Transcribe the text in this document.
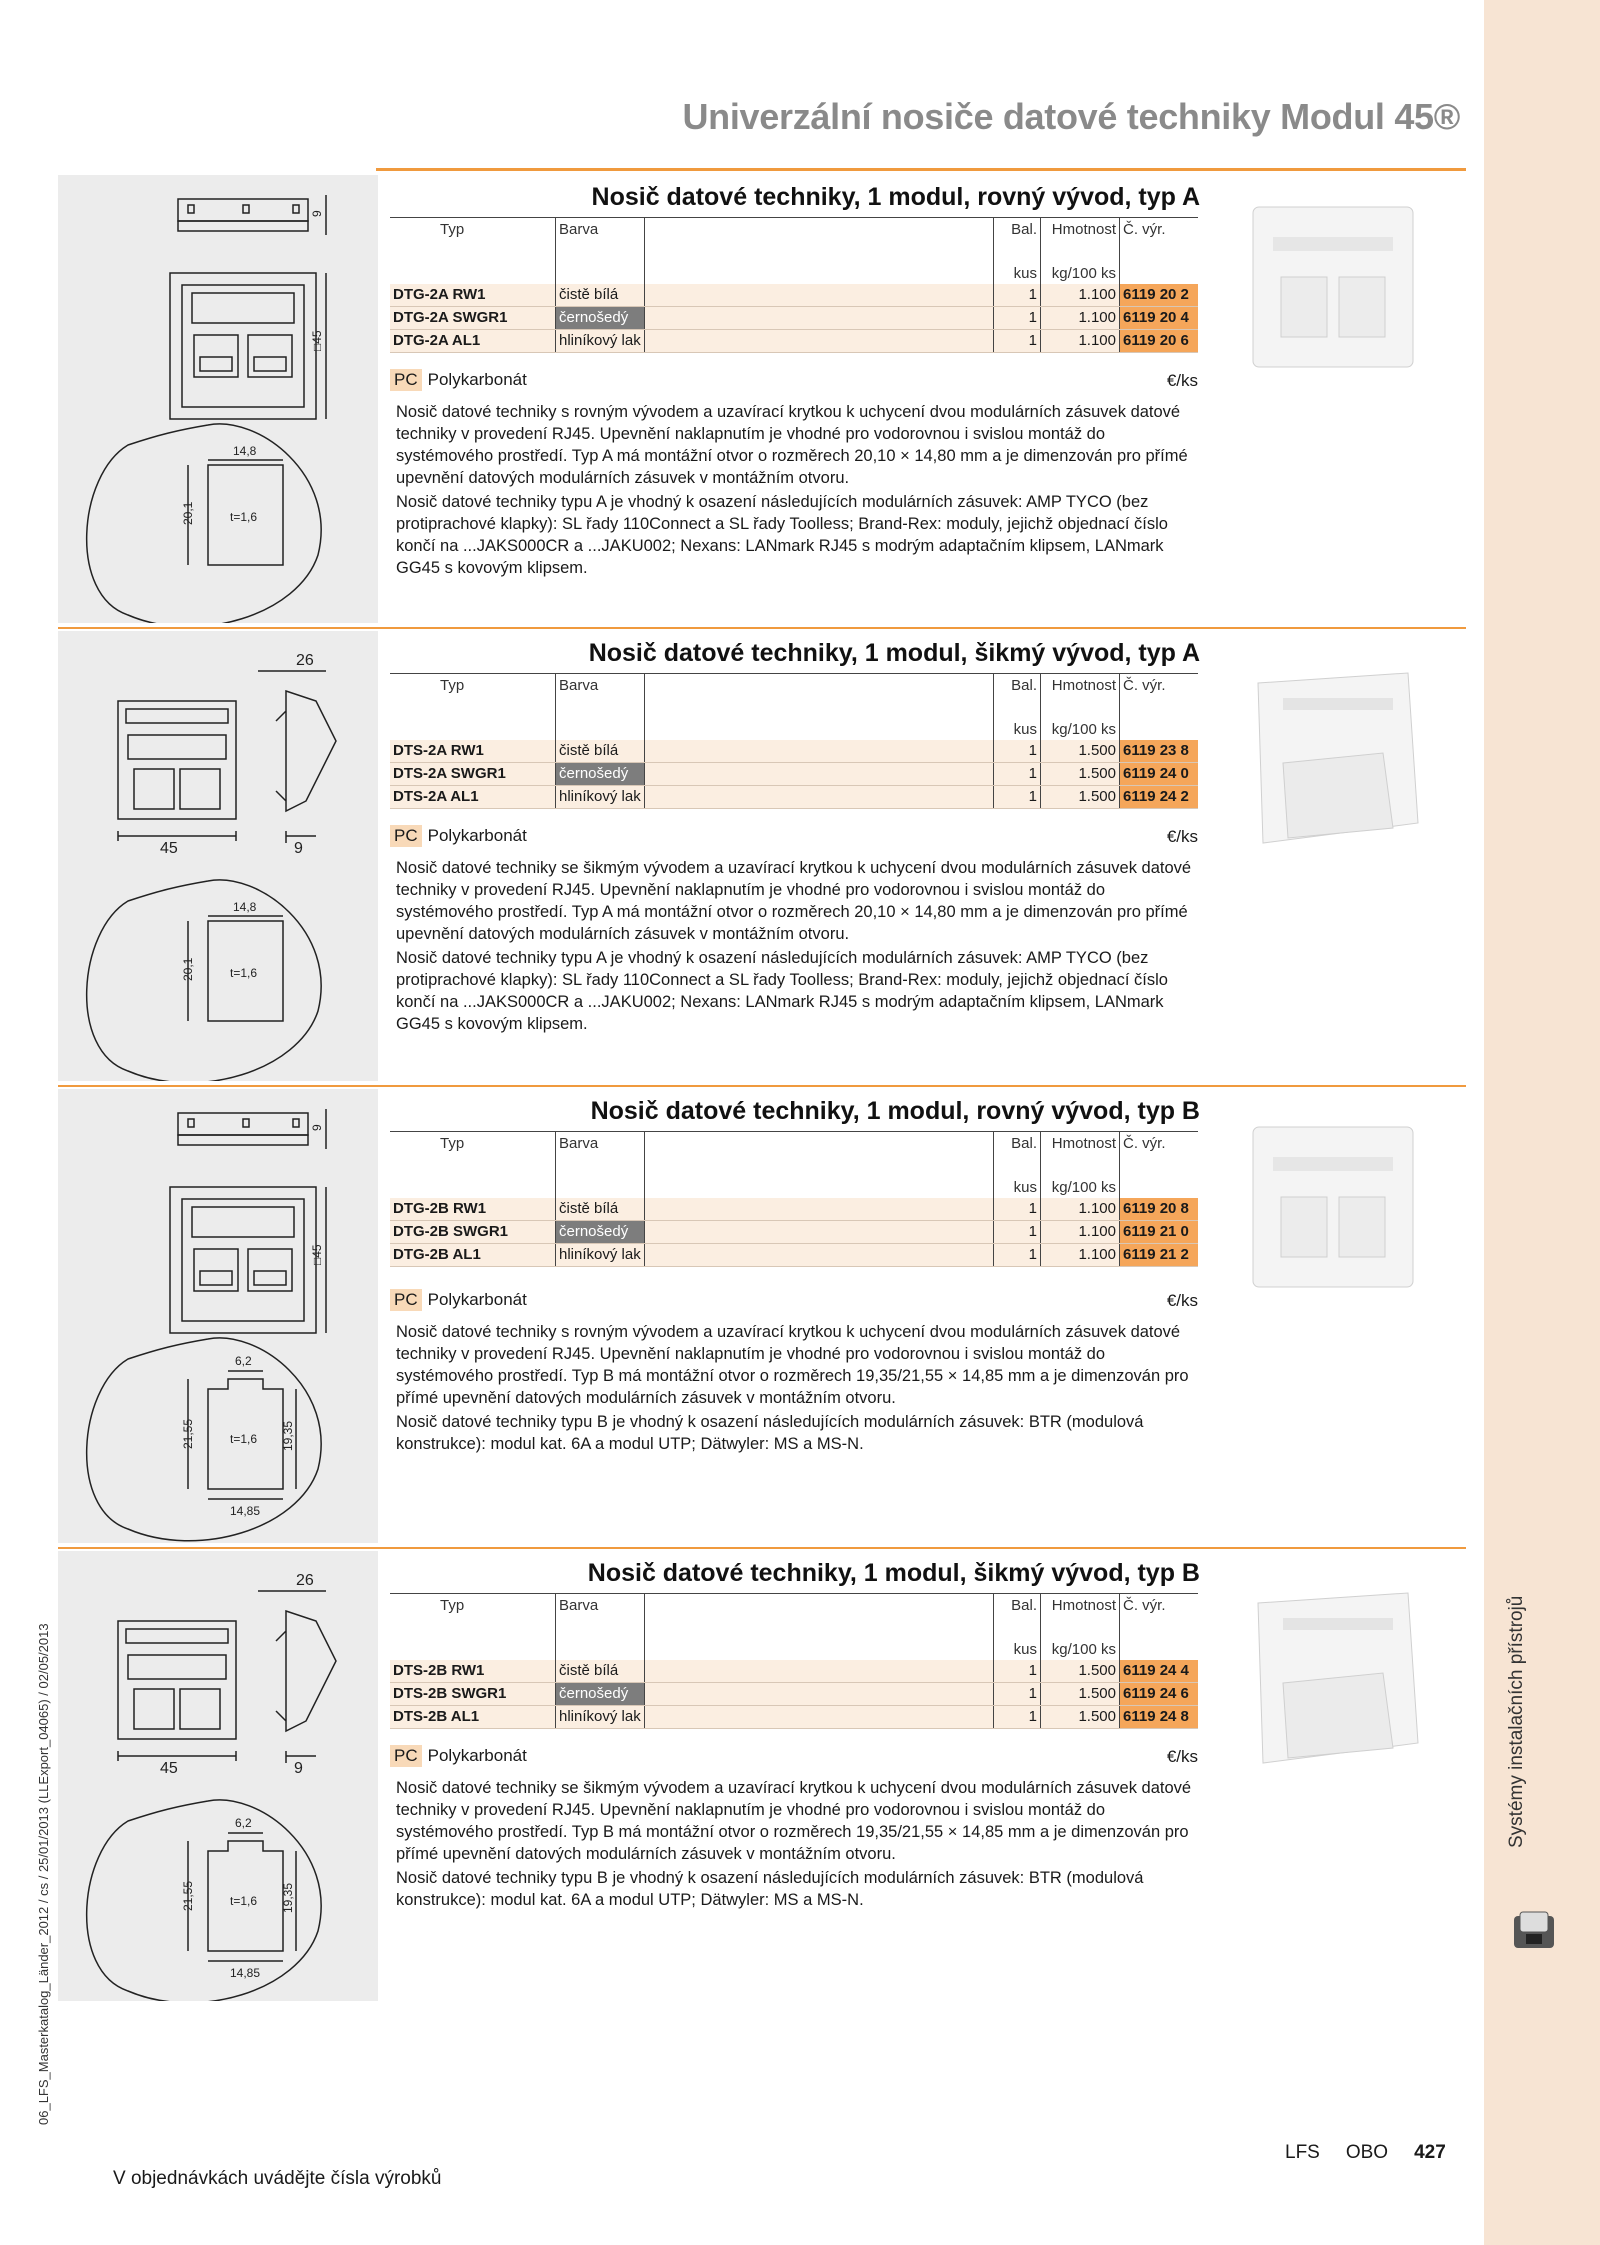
Systémy instalačních přístrojů
06_LFS_Masterkatalog_Länder_2012 / cs / 25/01/2013 (LLExport_04065) / 02/05/2013
Univerzální nosiče datové techniky Modul 45®
9
□45
14,8
20,1	t=1,6
Nosič datové techniky, 1 modul, rovný vývod, typ A
Typ	Barva		Bal.	Hmotnost	Č. výr.
			kus	kg/100 ks	
DTG-2A RW1	čistě bílá		1	1.100	6119 20 2
DTG-2A SWGR1	černošedý		1	1.100	6119 20 4
DTG-2A AL1	hliníkový lak		1	1.100	6119 20 6
PC Polykarbonát	€/ks

Nosič datové techniky s rovným vývodem a uzavírací krytkou k uchycení dvou modulárních zásuvek datové techniky v provedení RJ45. Upevnění naklapnutím je vhodné pro vodorovnou i svislou montáž do systémového prostředí. Typ A má montážní otvor o rozměrech 20,10 × 14,80 mm a je dimenzován pro přímé upevnění datových modulárních zásuvek v montážním otvoru.

Nosič datové techniky typu A je vhodný k osazení následujících modulárních zásuvek: AMP TYCO (bez protiprachové klapky): SL řady 110Connect a SL řady Toolless; Brand-Rex: moduly, jejichž objednací číslo končí na ...JAKS000CR a ...JAKU002; Nexans: LANmark RJ45 s modrým adaptačním klipsem, LANmark GG45 s kovovým klipsem.

26
45	9
14,8
20,1	t=1,6
Nosič datové techniky, 1 modul, šikmý vývod, typ A
Typ	Barva		Bal.	Hmotnost	Č. výr.
			kus	kg/100 ks	
DTS-2A RW1	čistě bílá		1	1.500	6119 23 8
DTS-2A SWGR1	černošedý		1	1.500	6119 24 0
DTS-2A AL1	hliníkový lak		1	1.500	6119 24 2
PC Polykarbonát	€/ks

Nosič datové techniky se šikmým vývodem a uzavírací krytkou k uchycení dvou modulárních zásuvek datové techniky v provedení RJ45. Upevnění naklapnutím je vhodné pro vodorovnou i svislou montáž do systémového prostředí. Typ A má montážní otvor o rozměrech 20,10 × 14,80 mm a je dimenzován pro přímé upevnění datových modulárních zásuvek v montážním otvoru.

Nosič datové techniky typu A je vhodný k osazení následujících modulárních zásuvek: AMP TYCO (bez protiprachové klapky): SL řady 110Connect a SL řady Toolless; Brand-Rex: moduly, jejichž objednací číslo končí na ...JAKS000CR a ...JAKU002; Nexans: LANmark RJ45 s modrým adaptačním klipsem, LANmark GG45 s kovovým klipsem.

9
□45
6,2
21,55	19,35
14,85
t=1,6
Nosič datové techniky, 1 modul, rovný vývod, typ B
Typ	Barva		Bal.	Hmotnost	Č. výr.
			kus	kg/100 ks	
DTG-2B RW1	čistě bílá		1	1.100	6119 20 8
DTG-2B SWGR1	černošedý		1	1.100	6119 21 0
DTG-2B AL1	hliníkový lak		1	1.100	6119 21 2
PC Polykarbonát	€/ks

Nosič datové techniky s rovným vývodem a uzavírací krytkou k uchycení dvou modulárních zásuvek datové techniky v provedení RJ45. Upevnění naklapnutím je vhodné pro vodorovnou i svislou montáž do systémového prostředí. Typ B má montážní otvor o rozměrech 19,35/21,55 × 14,85 mm a je dimenzován pro přímé upevnění datových modulárních zásuvek v montážním otvoru.

Nosič datové techniky typu B je vhodný k osazení následujících modulárních zásuvek: BTR (modulová konstrukce): modul kat. 6A a modul UTP; Dätwyler: MS a MS-N.

26
45	9
6,2
21,55	19,35
14,85
t=1,6
Nosič datové techniky, 1 modul, šikmý vývod, typ B
Typ	Barva		Bal.	Hmotnost	Č. výr.
			kus	kg/100 ks	
DTS-2B RW1	čistě bílá		1	1.500	6119 24 4
DTS-2B SWGR1	černošedý		1	1.500	6119 24 6
DTS-2B AL1	hliníkový lak		1	1.500	6119 24 8
PC Polykarbonát	€/ks

Nosič datové techniky se šikmým vývodem a uzavírací krytkou k uchycení dvou modulárních zásuvek datové techniky v provedení RJ45. Upevnění naklapnutím je vhodné pro vodorovnou i svislou montáž do systémového prostředí. Typ B má montážní otvor o rozměrech 19,35/21,55 × 14,85 mm a je dimenzován pro přímé upevnění datových modulárních zásuvek v montážním otvoru.

Nosič datové techniky typu B je vhodný k osazení následujících modulárních zásuvek: BTR (modulová konstrukce): modul kat. 6A a modul UTP; Dätwyler: MS a MS-N.

V objednávkách uvádějte čísla výrobků
LFS OBO 427
